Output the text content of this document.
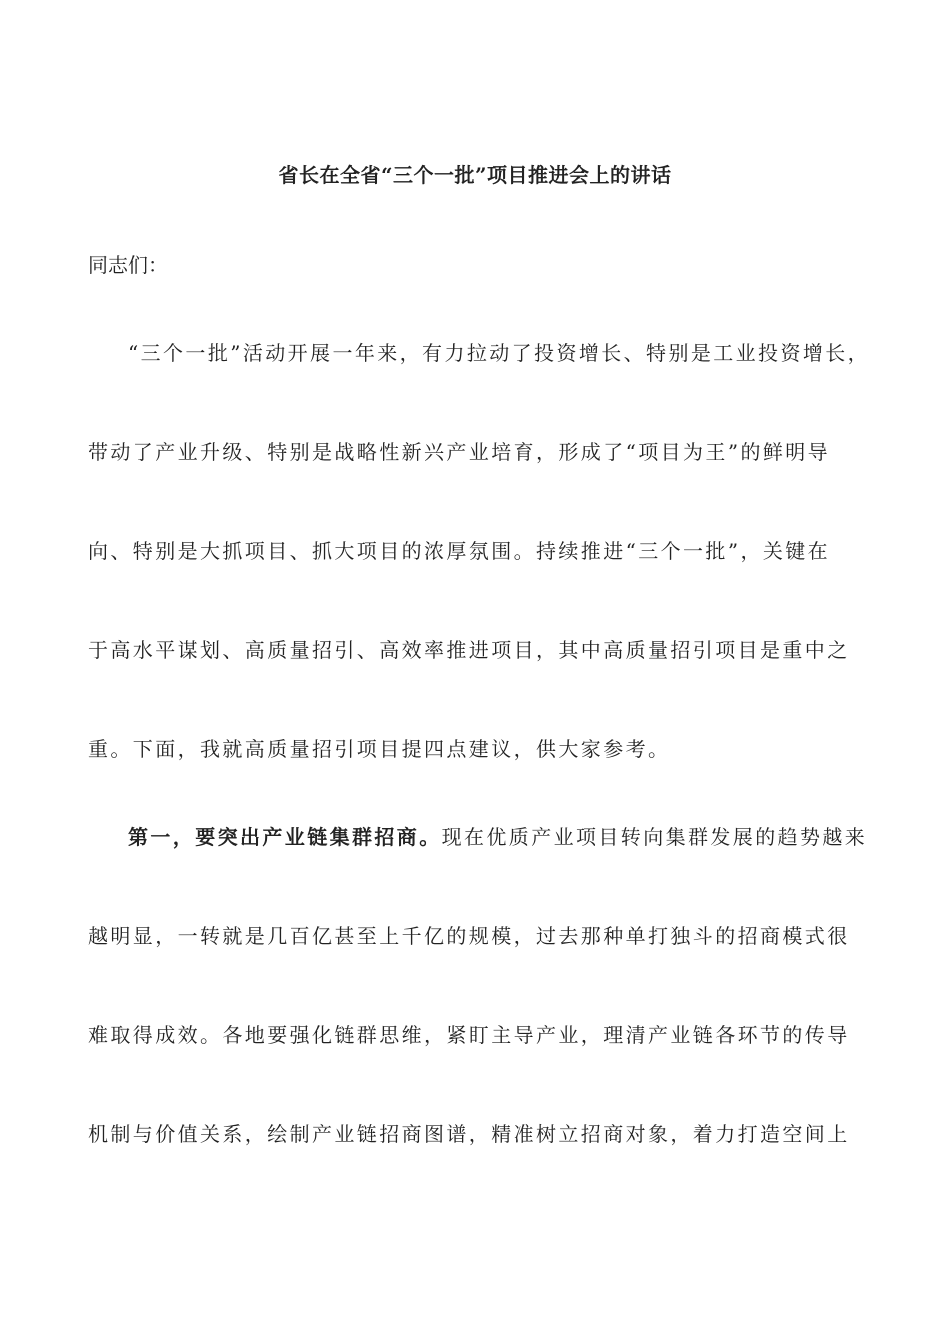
省长在全省“三个一批”项目推进会上的讲话
同志们：
“三个一批”活动开展一年来，有力拉动了投资增长、特别是工业投资增长，
带动了产业升级、特别是战略性新兴产业培育，形成了“项目为王”的鲜明导
向、特别是大抓项目、抓大项目的浓厚氛围。持续推进“三个一批”，关键在
于高水平谋划、高质量招引、高效率推进项目，其中高质量招引项目是重中之
重。下面，我就高质量招引项目提四点建议，供大家参考。
第一，要突出产业链集群招商。现在优质产业项目转向集群发展的趋势越来
越明显，一转就是几百亿甚至上千亿的规模，过去那种单打独斗的招商模式很
难取得成效。各地要强化链群思维，紧盯主导产业，理清产业链各环节的传导
机制与价值关系，绘制产业链招商图谱，精准树立招商对象，着力打造空间上
